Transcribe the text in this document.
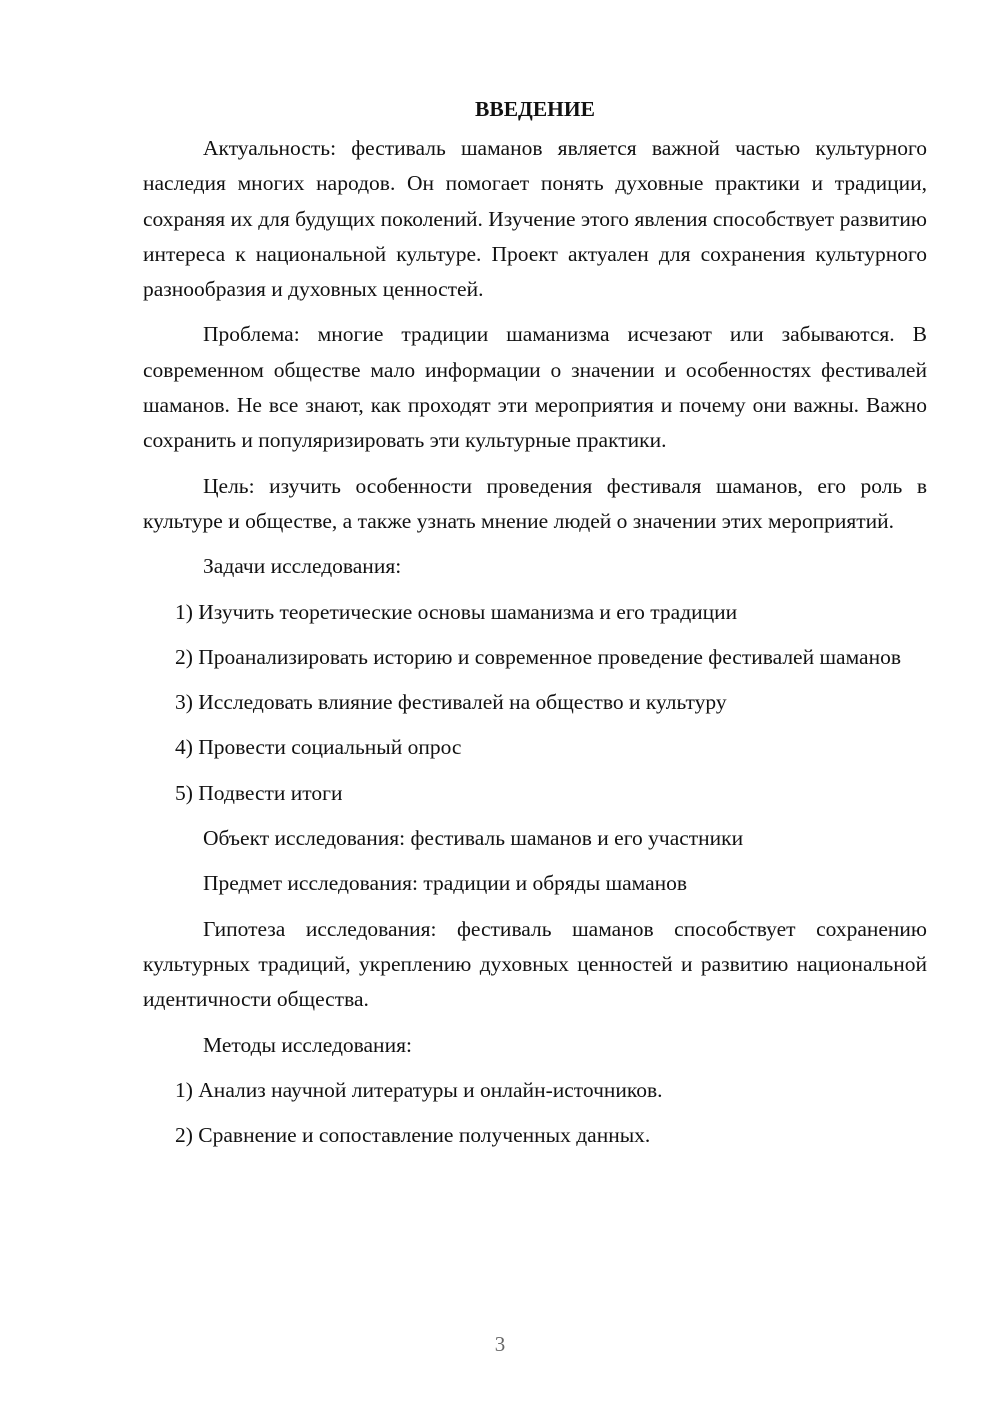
ВВЕДЕНИЕ
Актуальность: фестиваль шаманов является важной частью культурного наследия многих народов. Он помогает понять духовные практики и традиции, сохраняя их для будущих поколений. Изучение этого явления способствует развитию интереса к национальной культуре. Проект актуален для сохранения культурного разнообразия и духовных ценностей.
Проблема: многие традиции шаманизма исчезают или забываются. В современном обществе мало информации о значении и особенностях фестивалей шаманов. Не все знают, как проходят эти мероприятия и почему они важны. Важно сохранить и популяризировать эти культурные практики.
Цель: изучить особенности проведения фестиваля шаманов, его роль в культуре и обществе, а также узнать мнение людей о значении этих мероприятий.
Задачи исследования:
1) Изучить теоретические основы шаманизма и его традиции
2) Проанализировать историю и современное проведение фестивалей шаманов
3) Исследовать влияние фестивалей на общество и культуру
4) Провести социальный опрос
5) Подвести итоги
Объект исследования: фестиваль шаманов и его участники
Предмет исследования: традиции и обряды шаманов
Гипотеза исследования: фестиваль шаманов способствует сохранению культурных традиций, укреплению духовных ценностей и развитию национальной идентичности общества.
Методы исследования:
1) Анализ научной литературы и онлайн-источников.
2) Сравнение и сопоставление полученных данных.
3
